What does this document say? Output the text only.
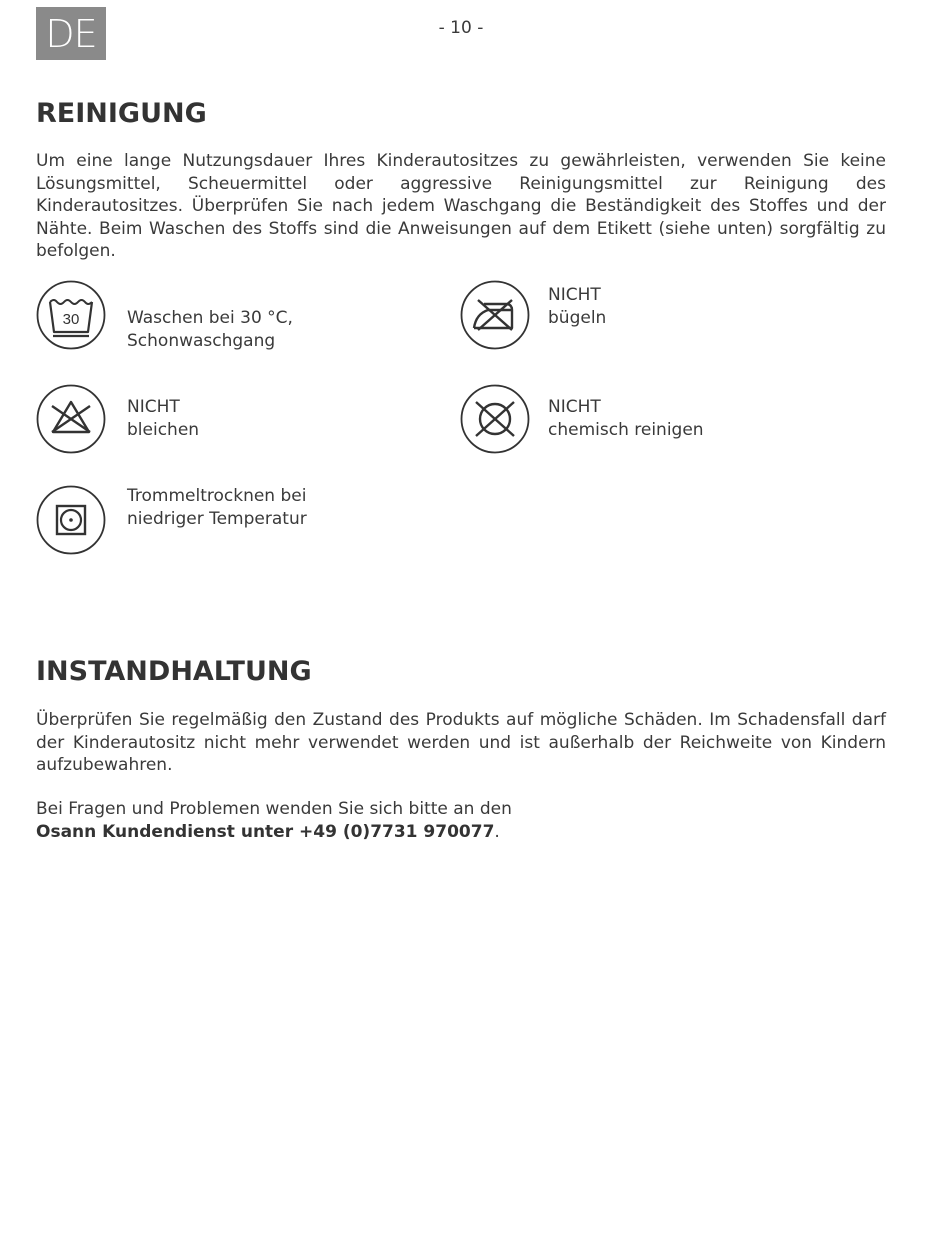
DE	- 10 -
REINIGUNG

Um eine lange Nutzungsdauer Ihres Kinderautositzes zu gewährleisten, verwenden Sie keine Lösungsmittel, Scheuermittel oder aggressive Reinigungsmittel zur Reinigung des Kinderautositzes. Überprüfen Sie nach jedem Waschgang die Beständigkeit des Stoffes und der Nähte. Beim Waschen des Stoffs sind die Anweisungen auf dem Etikett (siehe unten) sorgfältig zu befolgen.

30	Waschen bei 30 °C,
Schonwaschgang
NICHT
bügeln
NICHT
bleichen
NICHT
chemisch reinigen
Trommeltrocknen bei
niedriger Temperatur
INSTANDHALTUNG

Überprüfen Sie regelmäßig den Zustand des Produkts auf mögliche Schäden. Im Schadensfall darf der Kinderautositz nicht mehr verwendet werden und ist außerhalb der Reichweite von Kindern aufzubewahren.

Bei Fragen und Problemen wenden Sie sich bitte an den
Osann Kundendienst unter +49 (0)7731 970077.
